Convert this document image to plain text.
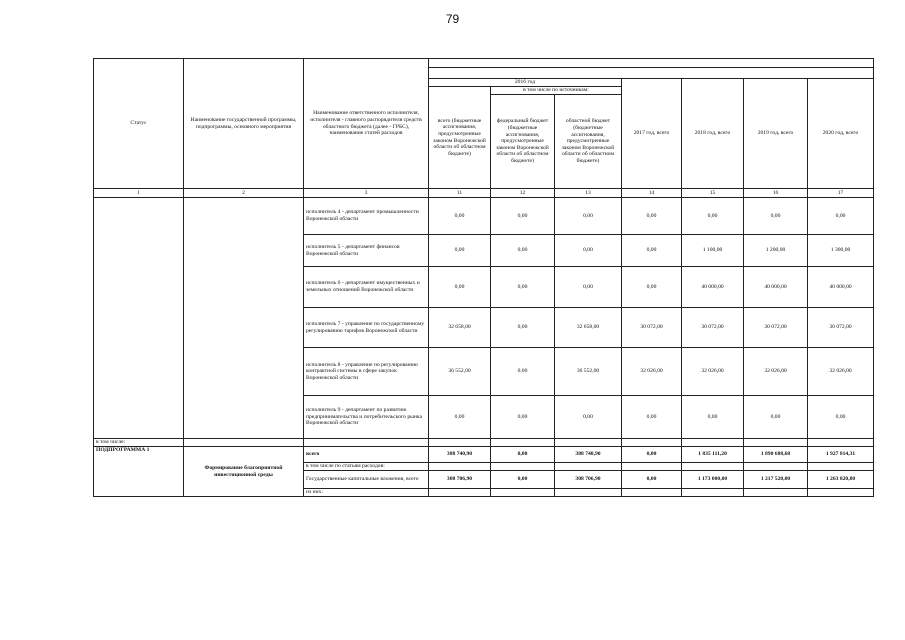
79
Статус	Наименование государственной программы, подпрограммы, основного мероприятия	Наименование ответственного исполнителя, исполнителя - главного распорядителя средств областного бюджета (далее - ГРБС), наименование статей расходов							

			2016 год			2017 год, всего	2018 год, всего	2019 год, всего	2020 год, всего
			всего (бюджетные ассигнования, предусмотренные законом Воронежской области об областном бюджете)	в том числе по источникам:					
				федеральный бюджет (бюджетные ассигнования, предусмотренные законом Воронежской области об областном бюджете)	областной бюджет (бюджетные ассигнования, предусмотренные законом Воронежской области об областном бюджете)				
1	2	3	11	12	13	14	15	16	17
		исполнитель 4 - департамент промышленности Воронежской области	0,00	0,00	0,00	0,00	0,00	0,00	0,00
		исполнитель 5 - департамент финансов Воронежской области	0,00	0,00	0,00	0,00	1 100,00	1 200,00	1 300,00
		исполнитель 6 - департамент имущественных и земельных отношений Воронежской области	0,00	0,00	0,00	0,00	40 000,00	40 000,00	40 000,00
		исполнитель 7 - управление по государственному регулированию тарифов Воронежской области	32 658,00	0,00	32 658,00	30 072,00	30 072,00	30 072,00	30 072,00
		исполнитель 8 - управление по регулированию контрактной системы в сфере закупок Воронежской области	36 552,00	0,00	36 552,00	32 026,00	32 026,00	32 026,00	32 026,00
		исполнитель 9 - департамент по развитию предпринимательства и потребительского рынка Воронежской области	0,00	0,00	0,00	0,00	0,00	0,00	0,00
в том числе:									
ПОДПРОГРАММА 1	Формирование благоприятной инвестиционной среды	всего	388 740,90	0,00	388 740,90	0,00	1 835 111,20	1 890 688,68	1 927 814,31
		в том числе по статьям расходов:							
		Государственные капитальные вложения, всего	308 706,90	0,00	308 706,90	0,00	1 173 000,00	1 217 520,00	1 263 820,80
		из них:							
